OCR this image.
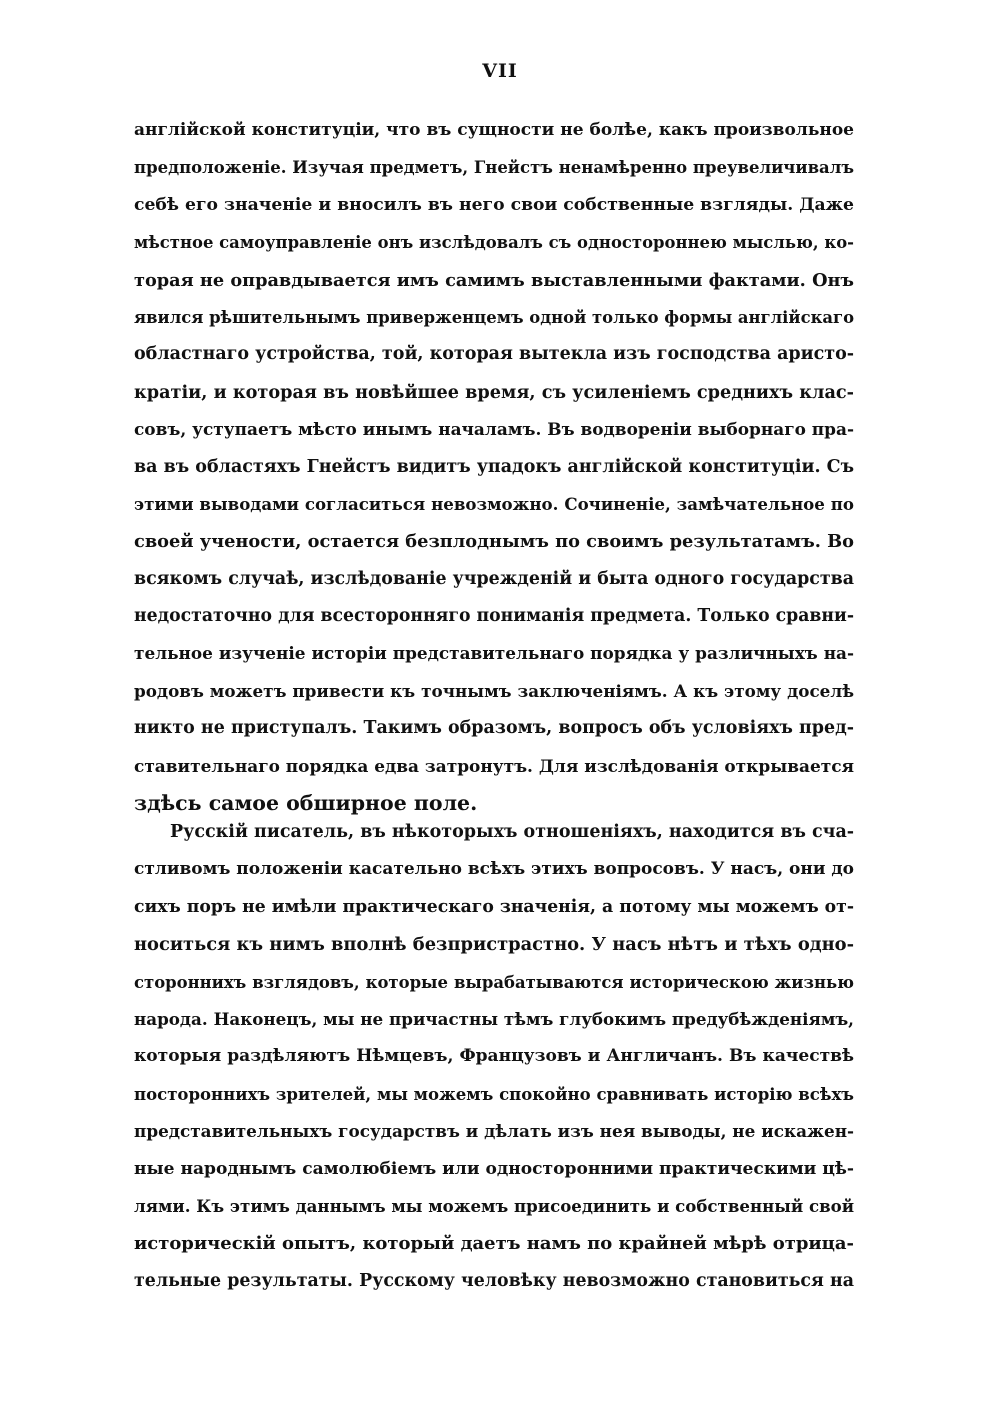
VII
англійской конституціи, что въ сущности не болѣе, какъ произвольное
предположеніе. Изучая предметъ, Гнейстъ ненамѣренно преувеличивалъ
себѣ его значеніе и вносилъ въ него свои собственные взгляды. Даже
мѣстное самоуправленіе онъ изслѣдовалъ съ одностороннею мыслью, ко-
торая не оправдывается имъ самимъ выставленными фактами. Онъ
явился рѣшительнымъ приверженцемъ одной только формы англійскаго
областнаго устройства, той, которая вытекла изъ господства аристо-
кратіи, и которая въ новѣйшее время, съ усиленіемъ среднихъ клас-
совъ, уступаетъ мѣсто инымъ началамъ. Въ водвореніи выборнаго пра-
ва въ областяхъ Гнейстъ видитъ упадокъ англійской конституціи. Съ
этими выводами согласиться невозможно. Сочиненіе, замѣчательное по
своей учености, остается безплоднымъ по своимъ результатамъ. Во
всякомъ случаѣ, изслѣдованіе учрежденій и быта одного государства
недостаточно для всесторонняго пониманія предмета. Только сравни-
тельное изученіе исторіи представительнаго порядка у различныхъ на-
родовъ можетъ привести къ точнымъ заключеніямъ. А къ этому доселѣ
никто не приступалъ. Такимъ образомъ, вопросъ объ условіяхъ пред-
ставительнаго порядка едва затронутъ. Для изслѣдованія открывается
здѣсь самое обширное поле.
Русскій писатель, въ нѣкоторыхъ отношеніяхъ, находится въ сча-
стливомъ положеніи касательно всѣхъ этихъ вопросовъ. У насъ, они до
сихъ поръ не имѣли практическаго значенія, а потому мы можемъ от-
носиться къ нимъ вполнѣ безпристрастно. У насъ нѣтъ и тѣхъ одно-
стороннихъ взглядовъ, которые вырабатываются историческою жизнью
народа. Наконецъ, мы не причастны тѣмъ глубокимъ предубѣжденіямъ,
которыя раздѣляютъ Нѣмцевъ, Французовъ и Англичанъ. Въ качествѣ
постороннихъ зрителей, мы можемъ спокойно сравнивать исторію всѣхъ
представительныхъ государствъ и дѣлать изъ нея выводы, не искажен-
ные народнымъ самолюбіемъ или односторонними практическими цѣ-
лями. Къ этимъ даннымъ мы можемъ присоединить и собственный свой
историческій опытъ, который даетъ намъ по крайней мѣрѣ отрица-
тельные результаты. Русскому человѣку невозможно становиться на
